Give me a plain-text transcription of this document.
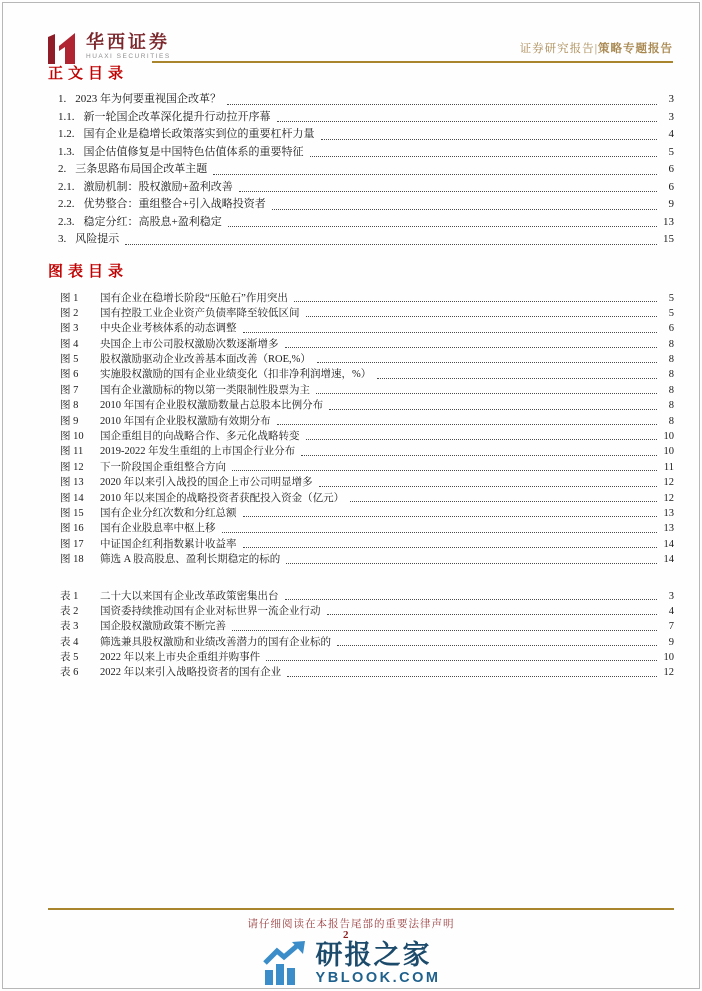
华西证券
HUAXI SECURITIES
证券研究报告|策略专题报告
正文目录
1. 2023 年为何要重视国企改革？	3
1.1. 新一轮国企改革深化提升行动拉开序幕	3
1.2. 国有企业是稳增长政策落实到位的重要杠杆力量	4
1.3. 国企估值修复是中国特色估值体系的重要特征	5
2. 三条思路布局国企改革主题	6
2.1. 激励机制：股权激励+盈利改善	6
2.2. 优势整合：重组整合+引入战略投资者	9
2.3. 稳定分红：高股息+盈利稳定	13
3. 风险提示	15
图表目录
图 1	国有企业在稳增长阶段“压舱石”作用突出	5
图 2	国有控股工业企业资产负债率降至较低区间	5
图 3	中央企业考核体系的动态调整	6
图 4	央国企上市公司股权激励次数逐渐增多	8
图 5	股权激励驱动企业改善基本面改善（ROE,%）	8
图 6	实施股权激励的国有企业业绩变化（扣非净利润增速，%）	8
图 7	国有企业激励标的物以第一类限制性股票为主	8
图 8	2010 年国有企业股权激励数量占总股本比例分布	8
图 9	2010 年国有企业股权激励有效期分布	8
图 10	国企重组目的向战略合作、多元化战略转变	10
图 11	2019-2022 年发生重组的上市国企行业分布	10
图 12	下一阶段国企重组整合方向	11
图 13	2020 年以来引入战投的国企上市公司明显增多	12
图 14	2010 年以来国企的战略投资者获配投入资金（亿元）	12
图 15	国有企业分红次数和分红总额	13
图 16	国有企业股息率中枢上移	13
图 17	中证国企红利指数累计收益率	14
图 18	筛选 A 股高股息、盈利长期稳定的标的	14
表 1	二十大以来国有企业改革政策密集出台	3
表 2	国资委持续推动国有企业对标世界一流企业行动	4
表 3	国企股权激励政策不断完善	7
表 4	筛选兼具股权激励和业绩改善潜力的国有企业标的	9
表 5	2022 年以来上市央企重组并购事件	10
表 6	2022 年以来引入战略投资者的国有企业	12
请仔细阅读在本报告尾部的重要法律声明
2
研报之家
YBLOOK.COM
